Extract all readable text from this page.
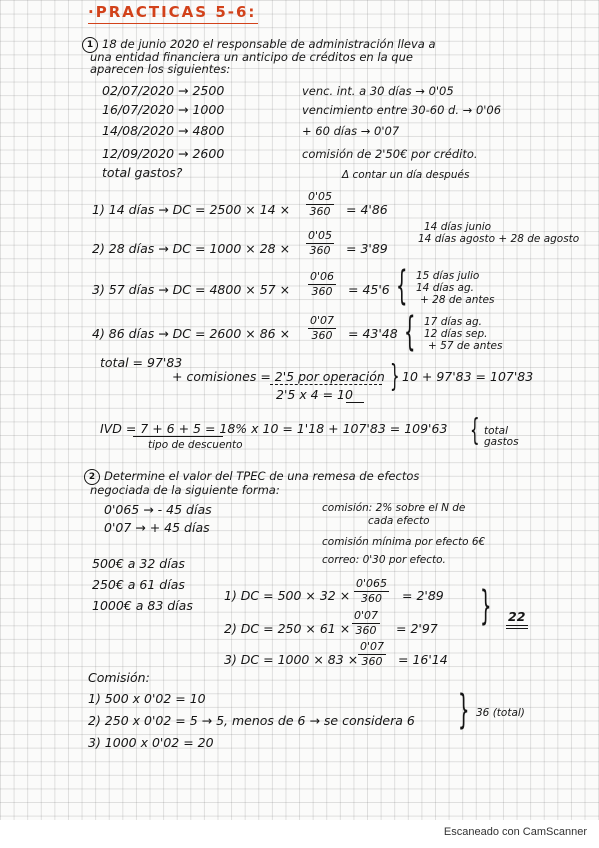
·PRACTICAS 5-6:
1 18 de junio 2020 el responsable de administración lleva a
una entidad financiera un anticipo de créditos en la que
aparecen los siguientes:
02/07/2020 → 2500
16/07/2020 → 1000
14/08/2020 → 4800
12/09/2020 → 2600
venc. int. a 30 días → 0'05
vencimiento entre 30-60 d. → 0'06
+ 60 días → 0'07
comisión de 2'50€ por crédito.
total gastos?	Δ contar un día después
1) 14 días → DC = 2500 × 14 ×
0'05
360 = 4'86
14 días junio
14 días agosto + 28 de agosto
2) 28 días → DC = 1000 × 28 ×
0'05
360 = 3'89
3) 57 días → DC = 4800 × 57 ×
0'06
360 = 45'6 { 15 días julio
14 días ag.
+ 28 de antes
4) 86 días → DC = 2600 × 86 ×
0'07
360 = 43'48 { 17 días ag.
12 días sep.
+ 57 de antes
total = 97'83
+ comisiones = 2'5 por operación
2'5 x 4 = 10
} 10 + 97'83 = 107'83
IVD = 7 + 6 + 5 = 18% x 10 = 1'18 + 107'83 = 109'63
tipo de descuento	{ total gastos
2 Determine el valor del TPEC de una remesa de efectos
negociada de la siguiente forma:
0'065 → - 45 días
0'07 → + 45 días
comisión: 2% sobre el N de
cada efecto
comisión mínima por efecto 6€
correo: 0'30 por efecto.
500€ a 32 días
250€ a 61 días
1000€ a 83 días
1) DC = 500 × 32 ×
0'065
360 = 2'89
2) DC = 250 × 61 ×
0'07
360 = 2'97 } 22
3) DC = 1000 × 83 ×
0'07
360 = 16'14
Comisión:
1) 500 x 0'02 = 10
2) 250 x 0'02 = 5 → 5, menos de 6 → se considera 6
3) 1000 x 0'02 = 20
} 36 (total)
Escaneado con CamScanner
